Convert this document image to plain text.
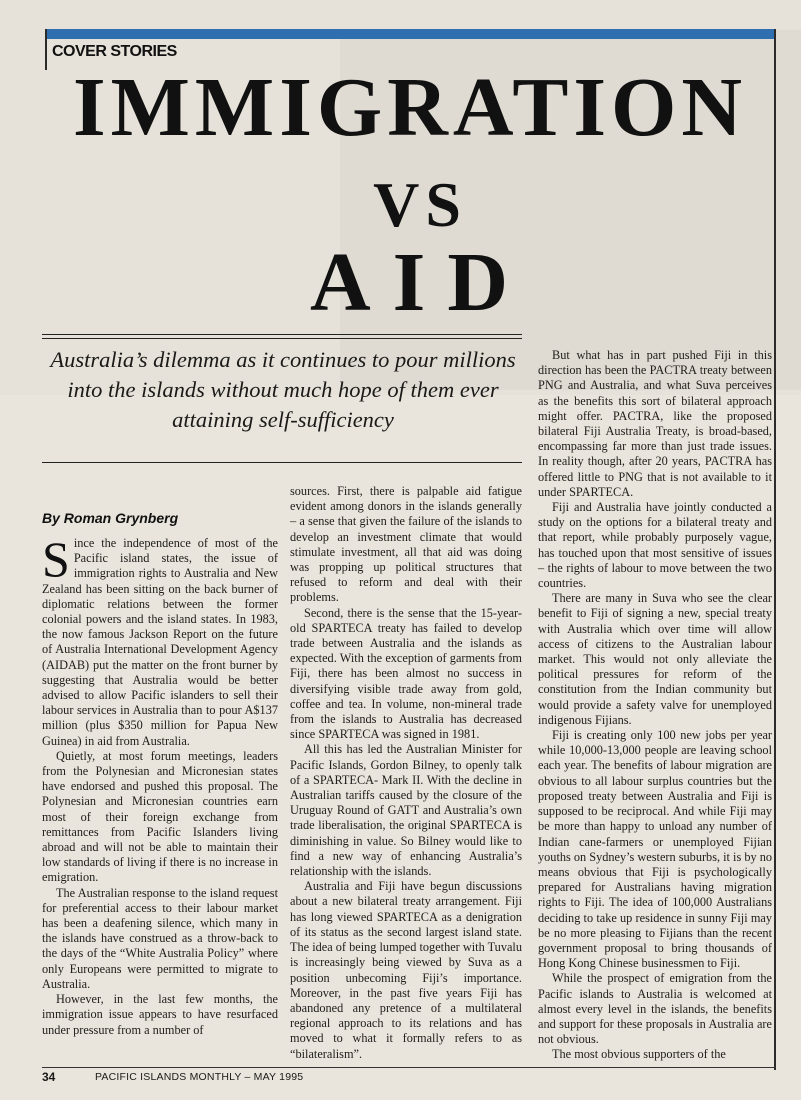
COVER STORIES
IMMIGRATION
VS
AID
Australia’s dilemma as it continues to pour millions into the islands without much hope of them ever attaining self-sufficiency
By Roman Grynberg

Since the independence of most of the Pacific island states, the issue of immigration rights to Australia and New Zealand has been sitting on the back burner of diplomatic relations between the former colonial powers and the island states. In 1983, the now famous Jackson Report on the future of Australia International Development Agency (AIDAB) put the matter on the front burner by suggesting that Australia would be better advised to allow Pacific islanders to sell their labour services in Australia than to pour A$137 million (plus $350 million for Papua New Guinea) in aid from Australia.

Quietly, at most forum meetings, leaders from the Polynesian and Micronesian states have endorsed and pushed this proposal. The Polynesian and Micronesian countries earn most of their foreign exchange from remittances from Pacific Islanders living abroad and will not be able to maintain their low standards of living if there is no increase in emigration.

The Australian response to the island request for preferential access to their labour market has been a deafening silence, which many in the islands have construed as a throw-back to the days of the “White Australia Policy” where only Europeans were permitted to migrate to Australia.

However, in the last few months, the immigration issue appears to have resurfaced under pressure from a number of

sources. First, there is palpable aid fatigue evident among donors in the islands generally – a sense that given the failure of the islands to develop an investment climate that would stimulate investment, all that aid was doing was propping up political structures that refused to reform and deal with their problems.

Second, there is the sense that the 15-year-old SPARTECA treaty has failed to develop trade between Australia and the islands as expected. With the exception of garments from Fiji, there has been almost no success in diversifying visible trade away from gold, coffee and tea. In volume, non-mineral trade from the islands to Australia has decreased since SPARTECA was signed in 1981.

All this has led the Australian Minister for Pacific Islands, Gordon Bilney, to openly talk of a SPARTECA- Mark II. With the decline in Australian tariffs caused by the closure of the Uruguay Round of GATT and Australia’s own trade liberalisation, the original SPARTECA is diminishing in value. So Bilney would like to find a new way of enhancing Australia’s relationship with the islands.

Australia and Fiji have begun discussions about a new bilateral treaty arrangement. Fiji has long viewed SPARTECA as a denigration of its status as the second largest island state. The idea of being lumped together with Tuvalu is increasingly being viewed by Suva as a position unbecoming Fiji’s importance. Moreover, in the past five years Fiji has abandoned any pretence of a multilateral regional approach to its relations and has moved to what it formally refers to as “bilateralism”.

But what has in part pushed Fiji in this direction has been the PACTRA treaty between PNG and Australia, and what Suva perceives as the benefits this sort of bilateral approach might offer. PACTRA, like the proposed bilateral Fiji Australia Treaty, is broad-based, encompassing far more than just trade issues. In reality though, after 20 years, PACTRA has offered little to PNG that is not available to it under SPARTECA.

Fiji and Australia have jointly conducted a study on the options for a bilateral treaty and that report, while probably purposely vague, has touched upon that most sensitive of issues – the rights of labour to move between the two countries.

There are many in Suva who see the clear benefit to Fiji of signing a new, special treaty with Australia which over time will allow access of citizens to the Australian labour market. This would not only alleviate the political pressures for reform of the constitution from the Indian community but would provide a safety valve for unemployed indigenous Fijians.

Fiji is creating only 100 new jobs per year while 10,000-13,000 people are leaving school each year. The benefits of labour migration are obvious to all labour surplus countries but the proposed treaty between Australia and Fiji is supposed to be reciprocal. And while Fiji may be more than happy to unload any number of Indian cane-farmers or unemployed Fijian youths on Sydney’s western suburbs, it is by no means obvious that Fiji is psychologically prepared for Australians having migration rights to Fiji. The idea of 100,000 Australians deciding to take up residence in sunny Fiji may be no more pleasing to Fijians than the recent government proposal to bring thousands of Hong Kong Chinese businessmen to Fiji.

While the prospect of emigration from the Pacific islands to Australia is welcomed at almost every level in the islands, the benefits and support for these proposals in Australia are not obvious.

The most obvious supporters of the

34	PACIFIC ISLANDS MONTHLY – MAY 1995
